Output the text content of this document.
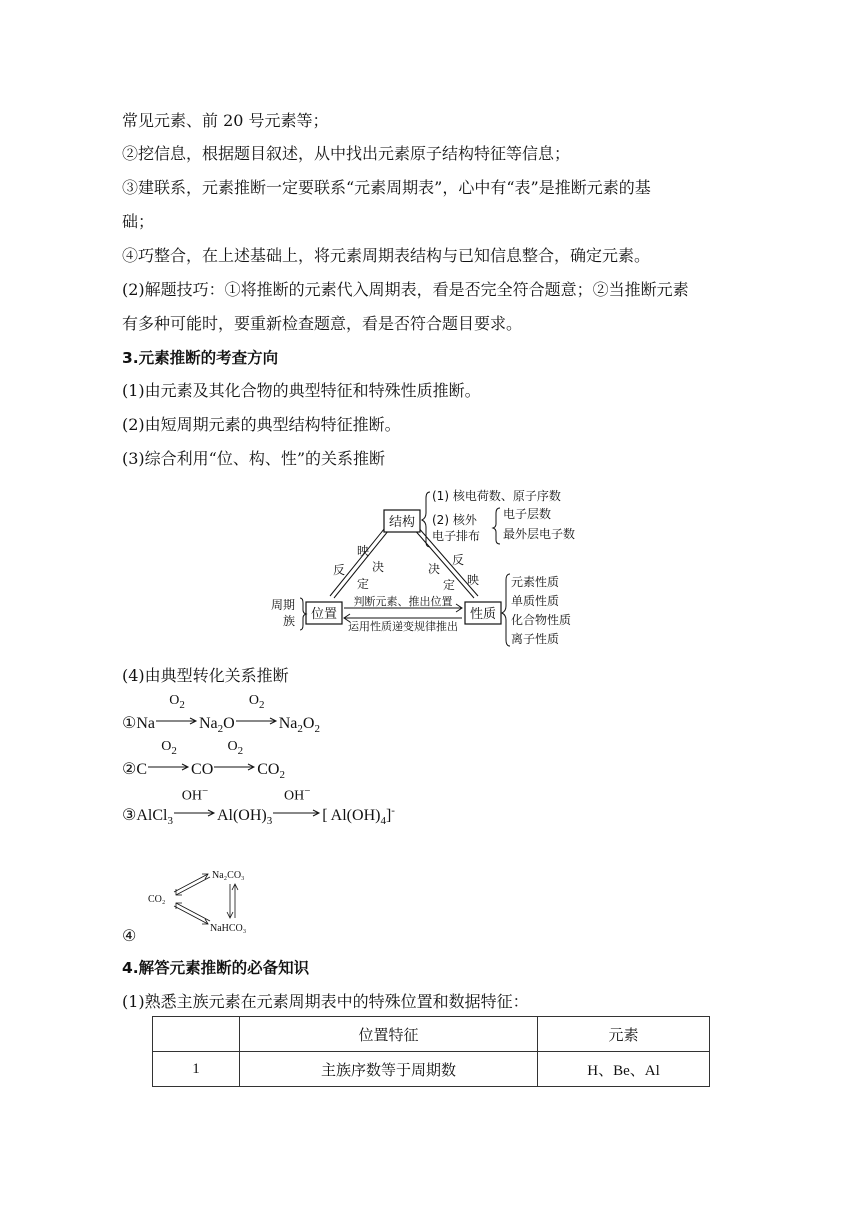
常见元素、前 20 号元素等；
②挖信息，根据题目叙述，从中找出元素原子结构特征等信息；
③建联系，元素推断一定要联系“元素周期表”，心中有“表”是推断元素的基
础；
④巧整合，在上述基础上，将元素周期表结构与已知信息整合，确定元素。
(2)解题技巧：①将推断的元素代入周期表，看是否完全符合题意；②当推断元素
有多种可能时，要重新检查题意，看是否符合题目要求。
3.元素推断的考查方向
(1)由元素及其化合物的典型特征和特殊性质推断。
(2)由短周期元素的典型结构特征推断。
(3)综合利用“位、构、性”的关系推断
结构
位置	性质
判断元素、推出位置
运用性质递变规律推出
映
反 决
定
反
决
映
定
(1) 核电荷数、原子序数
(2) 核外
电子排布
电子层数
最外层电子数
周期
族
元素性质
单质性质
化合物性质
离子性质
(4)由典型转化关系推断
①Na
$O_2$
$Na_2O$
$O_2$
$Na_2O_2$
②C
$O_2$
CO
$O_2$
$CO_2$
③AlCl$_3$
OH−
$Al(OH)_3$
OH−
[ $Al(OH)_4]^-$
④
Na₂CO₃
CO₂
NaHCO₃
4.解答元素推断的必备知识
(1)熟悉主族元素在元素周期表中的特殊位置和数据特征：
	位置特征	元素
1	主族序数等于周期数	H、Be、Al
